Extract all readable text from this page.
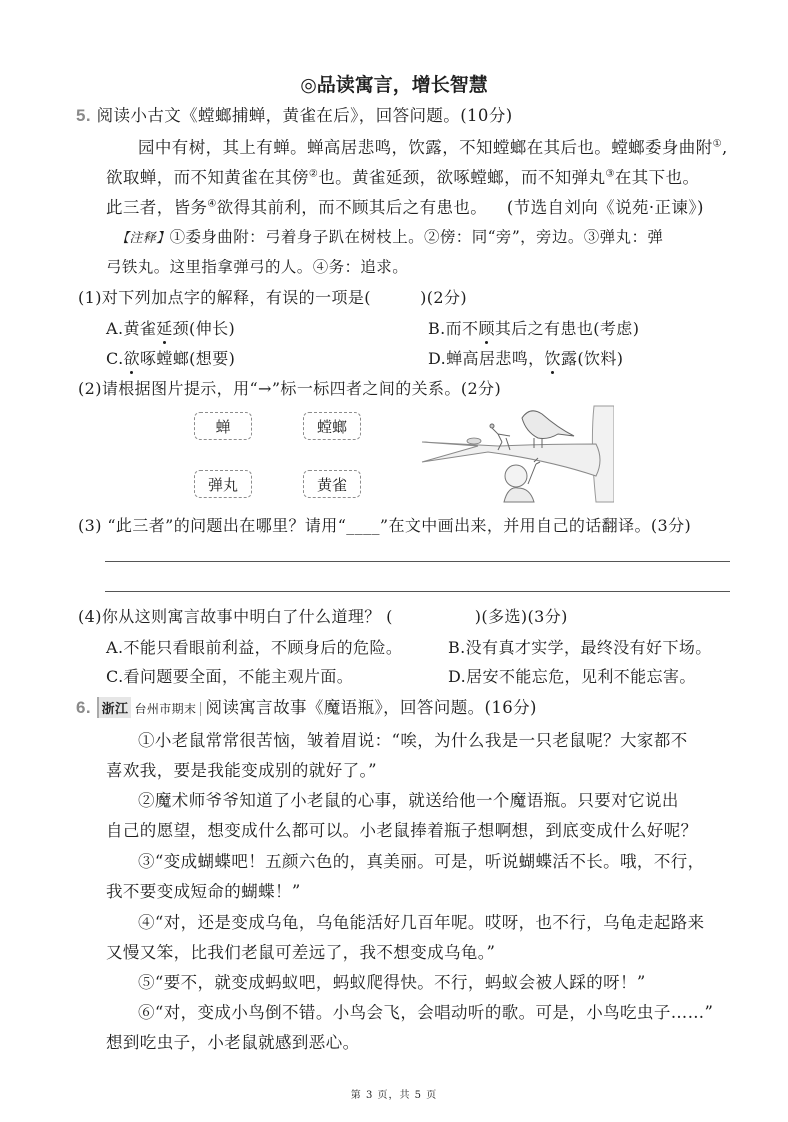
◎品读寓言，增长智慧
5. 阅读小古文《螳螂捕蝉，黄雀在后》，回答问题。(10分)
园中有树，其上有蝉。蝉高居悲鸣，饮露，不知螳螂在其后也。螳螂委身曲附①,
欲取蝉，而不知黄雀在其傍②也。黄雀延颈，欲啄螳螂，而不知弹丸③在其下也。
此三者，皆务④欲得其前利，而不顾其后之有患也。 (节选自刘向《说苑·正谏》)
【注释】①委身曲附：弓着身子趴在树枝上。②傍：同“旁”，旁边。③弹丸：弹
弓铁丸。这里指拿弹弓的人。④务：追求。
(1)对下列加点字的解释，有误的一项是(　　　)(2分)
A.黄雀延颈(伸长)	B.而不顾其后之有患也(考虑)
C.欲啄螳螂(想要)	D.蝉高居悲鸣，饮露(饮料)
(2)请根据图片提示，用“→”标一标四者之间的关系。(2分)
蝉	螳螂
弹丸	黄雀
(3) “此三者”的问题出在哪里？请用“____”在文中画出来，并用自己的话翻译。(3分)
(4)你从这则寓言故事中明白了什么道理？ (　　　　　)(多选)(3分)
A.不能只看眼前利益，不顾身后的危险。	B.没有真才实学，最终没有好下场。
C.看问题要全面，不能主观片面。	D.居安不能忘危，见利不能忘害。
6. 浙江 台州市期末 阅读寓言故事《魔语瓶》，回答问题。(16分)
①小老鼠常常很苦恼，皱着眉说：“唉，为什么我是一只老鼠呢？大家都不
喜欢我，要是我能变成别的就好了。”
②魔术师爷爷知道了小老鼠的心事，就送给他一个魔语瓶。只要对它说出
自己的愿望，想变成什么都可以。小老鼠捧着瓶子想啊想，到底变成什么好呢？
③“变成蝴蝶吧！五颜六色的，真美丽。可是，听说蝴蝶活不长。哦，不行，
我不要变成短命的蝴蝶！”
④“对，还是变成乌龟，乌龟能活好几百年呢。哎呀，也不行，乌龟走起路来
又慢又笨，比我们老鼠可差远了，我不想变成乌龟。”
⑤“要不，就变成蚂蚁吧，蚂蚁爬得快。不行，蚂蚁会被人踩的呀！”
⑥“对，变成小鸟倒不错。小鸟会飞，会唱动听的歌。可是，小鸟吃虫子……”
想到吃虫子，小老鼠就感到恶心。
第 3 页，共 5 页
